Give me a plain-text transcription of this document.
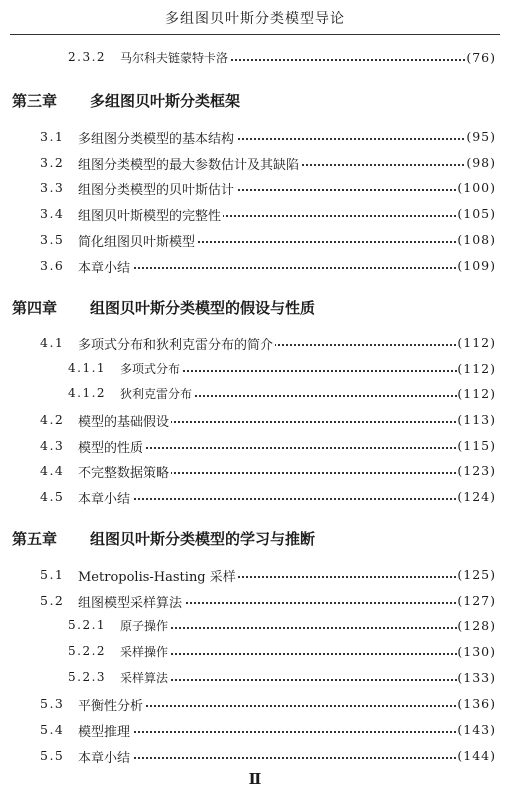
多组图贝叶斯分类模型导论
2.3.2 马尔科夫链蒙特卡洛	(76)
第三章 多组图贝叶斯分类框架
3.1 多组图分类模型的基本结构	(95)
3.2 组图分类模型的最大参数估计及其缺陷	(98)
3.3 组图分类模型的贝叶斯估计	(100)
3.4 组图贝叶斯模型的完整性	(105)
3.5 简化组图贝叶斯模型	(108)
3.6 本章小结	(109)
第四章 组图贝叶斯分类模型的假设与性质
4.1 多项式分布和狄利克雷分布的简介	(112)
4.1.1 多项式分布	(112)
4.1.2 狄利克雷分布	(112)
4.2 模型的基础假设	(113)
4.3 模型的性质	(115)
4.4 不完整数据策略	(123)
4.5 本章小结	(124)
第五章 组图贝叶斯分类模型的学习与推断
5.1 Metropolis-Hasting 采样	(125)
5.2 组图模型采样算法	(127)
5.2.1 原子操作	(128)
5.2.2 采样操作	(130)
5.2.3 采样算法	(133)
5.3 平衡性分析	(136)
5.4 模型推理	(143)
5.5 本章小结	(144)
Ⅱ
